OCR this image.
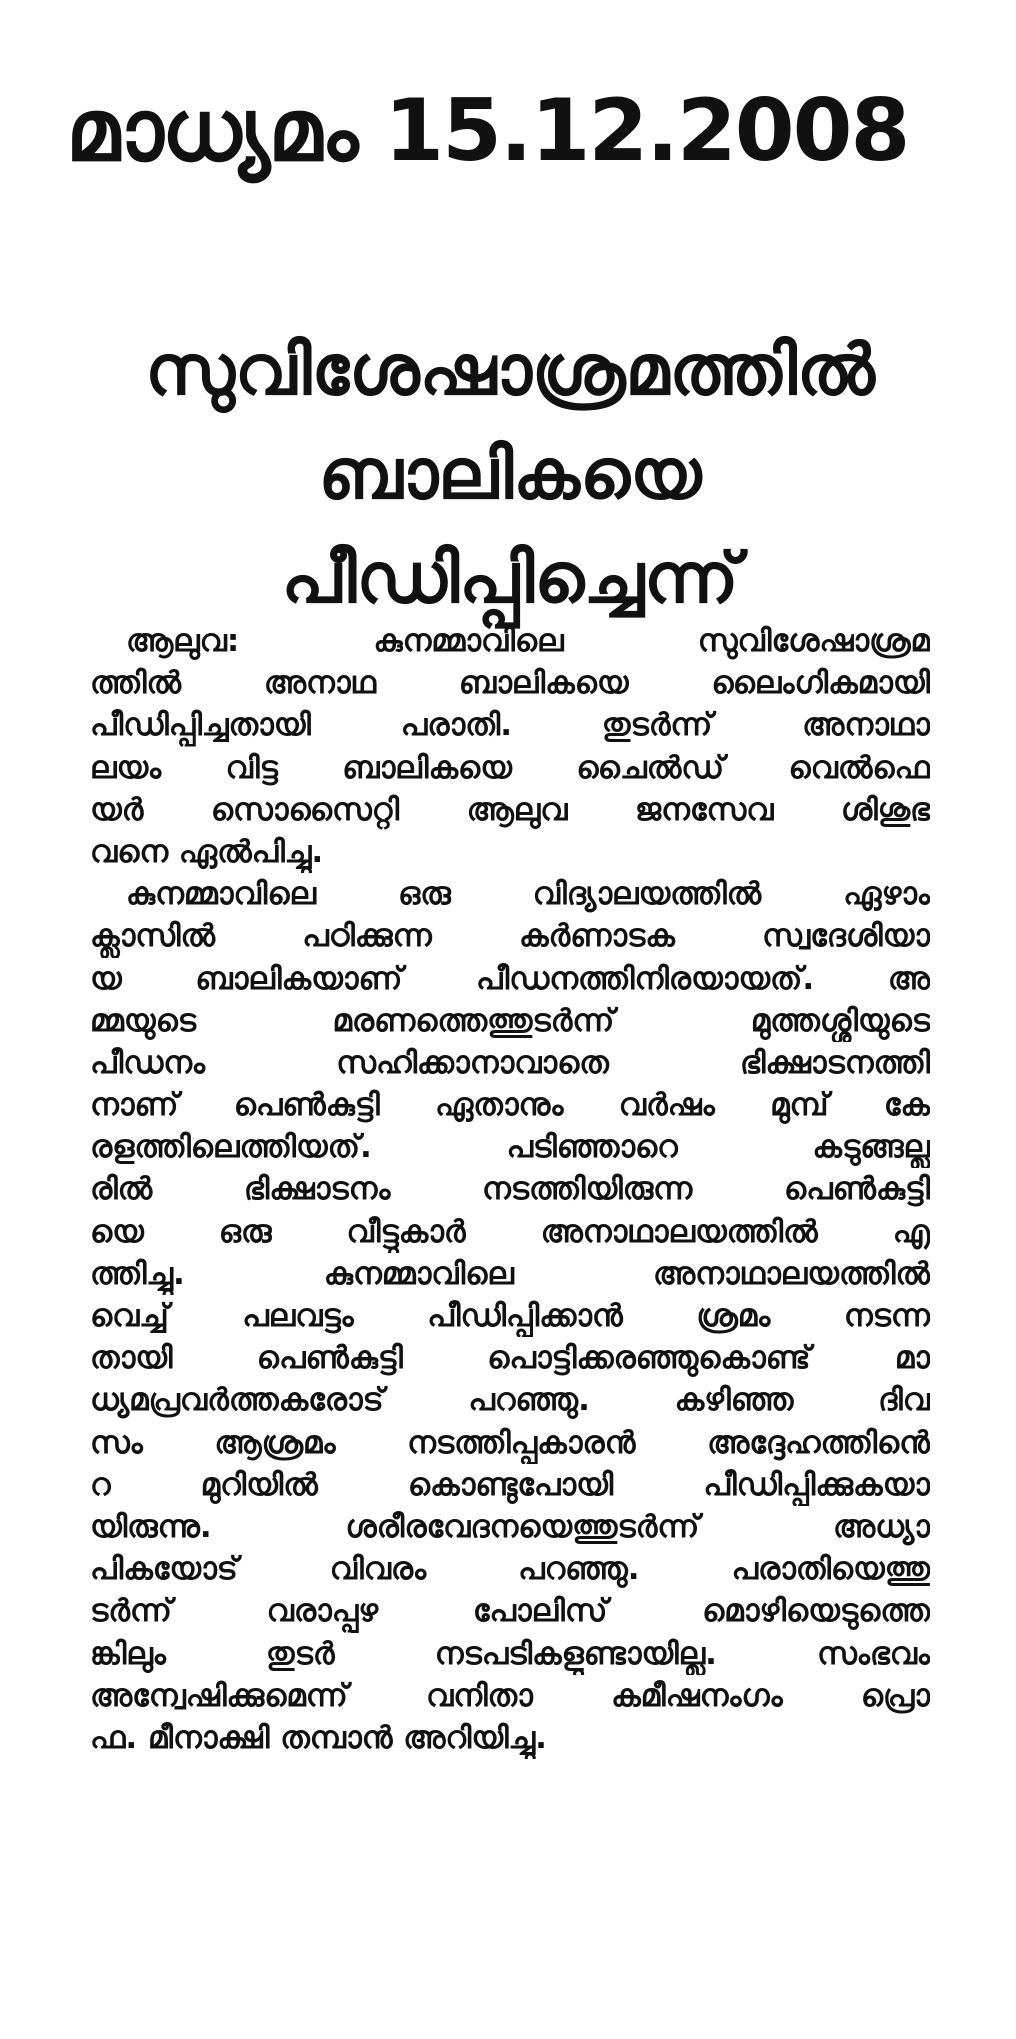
മാധ്യമം 15.12.2008
സുവിശേഷാശ്രമത്തിൽ
ബാലികയെ
പീഡിപ്പിച്ചെന്ന്
ആലുവ: കുനമ്മാവിലെ സുവിശേഷാശ്രമ
ത്തിൽ അനാഥ ബാലികയെ ലൈംഗികമായി
പീഡിപ്പിച്ചതായി പരാതി. തുടർന്ന് അനാഥാ
ലയം വിട്ട ബാലികയെ ചൈൽഡ് വെൽഫെ
യർ സൊസൈറ്റി ആലുവ ജനസേവ ശിശുഭ
വനെ ഏൽപിച്ചു.
കുനമ്മാവിലെ ഒരു വിദ്യാലയത്തിൽ ഏഴാം
ക്ലാസിൽ പഠിക്കുന്ന കർണാടക സ്വദേശിയാ
യ ബാലികയാണ് പീഡനത്തിനിരയായത്. അ
മ്മയുടെ മരണത്തെത്തുടർന്ന് മുത്തശ്ശിയുടെ
പീഡനം സഹിക്കാനാവാതെ ഭിക്ഷാടനത്തി
നാണ് പെൺകുട്ടി ഏതാനും വർഷം മുമ്പ് കേ
രളത്തിലെത്തിയത്. പടിഞ്ഞാറെ കടുങ്ങല്ലൂ
രിൽ ഭിക്ഷാടനം നടത്തിയിരുന്ന പെൺകുട്ടി
യെ ഒരു വീട്ടുകാർ അനാഥാലയത്തിൽ എ
ത്തിച്ചു. കുനമ്മാവിലെ അനാഥാലയത്തിൽ
വെച്ച് പലവട്ടം പീഡിപ്പിക്കാൻ ശ്രമം നടന്ന
തായി പെൺകുട്ടി പൊട്ടിക്കരഞ്ഞുകൊണ്ട് മാ
ധ്യമപ്രവർത്തകരോട് പറഞ്ഞു. കഴിഞ്ഞ ദിവ
സം ആശ്രമം നടത്തിപ്പുകാരൻ അദ്ദേഹത്തിൻെ
റ മുറിയിൽ കൊണ്ടുപോയി പീഡിപ്പിക്കുകയാ
യിരുന്നു. ശരീരവേദനയെത്തുടർന്ന് അധ്യാ
പികയോട് വിവരം പറഞ്ഞു. പരാതിയെത്തു
ടർന്ന് വരാപ്പുഴ പോലിസ് മൊഴിയെടുത്തെ
ങ്കിലും തുടർ നടപടികളുണ്ടായില്ല. സംഭവം
അന്വേഷിക്കുമെന്ന് വനിതാ കമീഷനംഗം പ്രൊ
ഫ. മീനാക്ഷി തമ്പാൻ അറിയിച്ചു.
